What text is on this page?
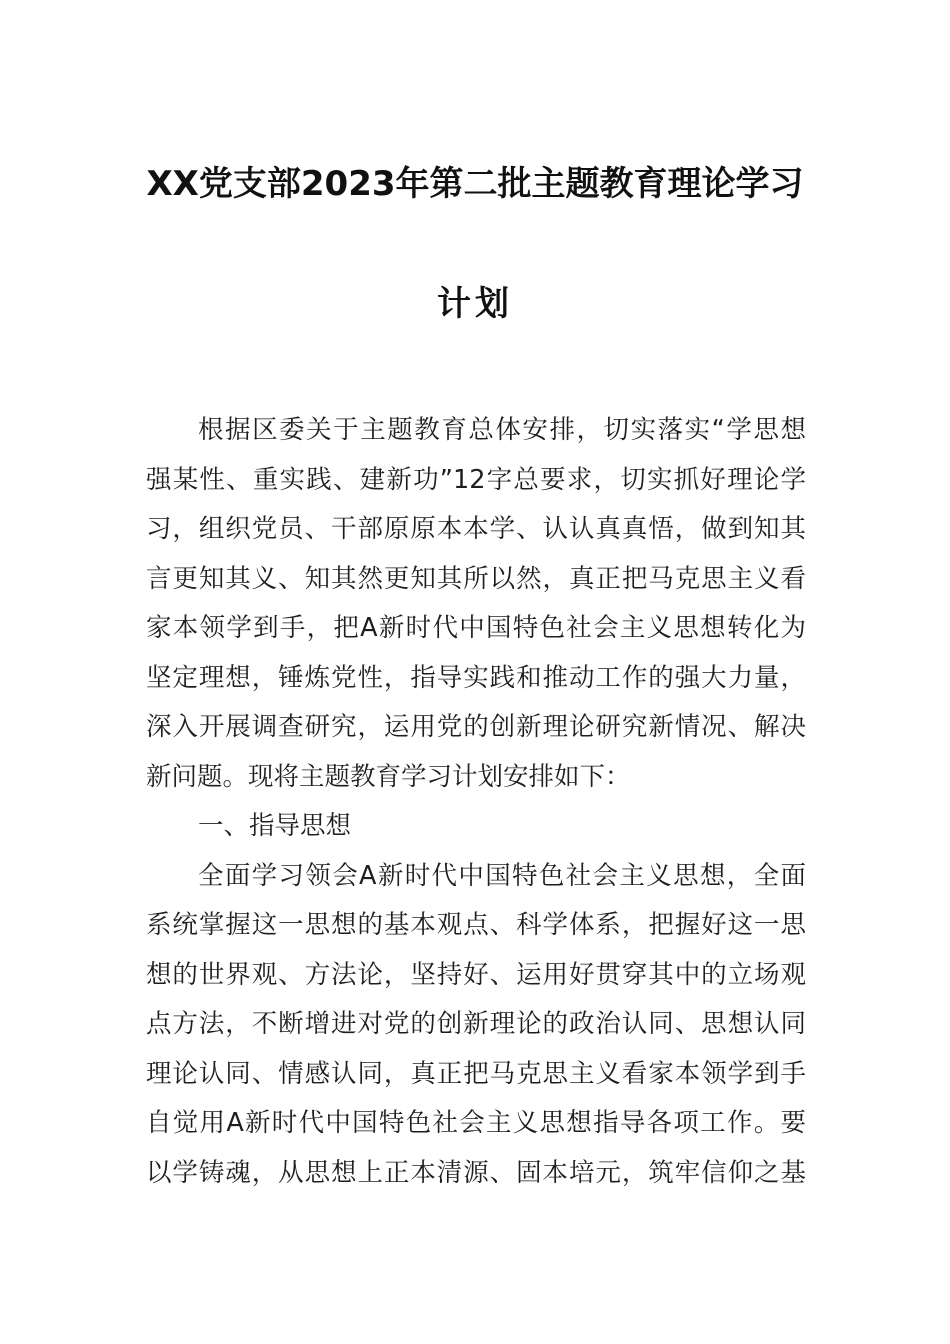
XX党支部2023年第二批主题教育理论学习
计划
根据区委关于主题教育总体安排，切实落实“学思想
强某性、重实践、建新功”12字总要求，切实抓好理论学
习，组织党员、干部原原本本学、认认真真悟，做到知其
言更知其义、知其然更知其所以然，真正把马克思主义看
家本领学到手，把A新时代中国特色社会主义思想转化为
坚定理想，锤炼党性，指导实践和推动工作的强大力量，
深入开展调查研究，运用党的创新理论研究新情况、解决
新问题。现将主题教育学习计划安排如下：
一、指导思想
全面学习领会A新时代中国特色社会主义思想，全面
系统掌握这一思想的基本观点、科学体系，把握好这一思
想的世界观、方法论，坚持好、运用好贯穿其中的立场观
点方法，不断增进对党的创新理论的政治认同、思想认同
理论认同、情感认同，真正把马克思主义看家本领学到手
自觉用A新时代中国特色社会主义思想指导各项工作。要
以学铸魂，从思想上正本清源、固本培元，筑牢信仰之基
